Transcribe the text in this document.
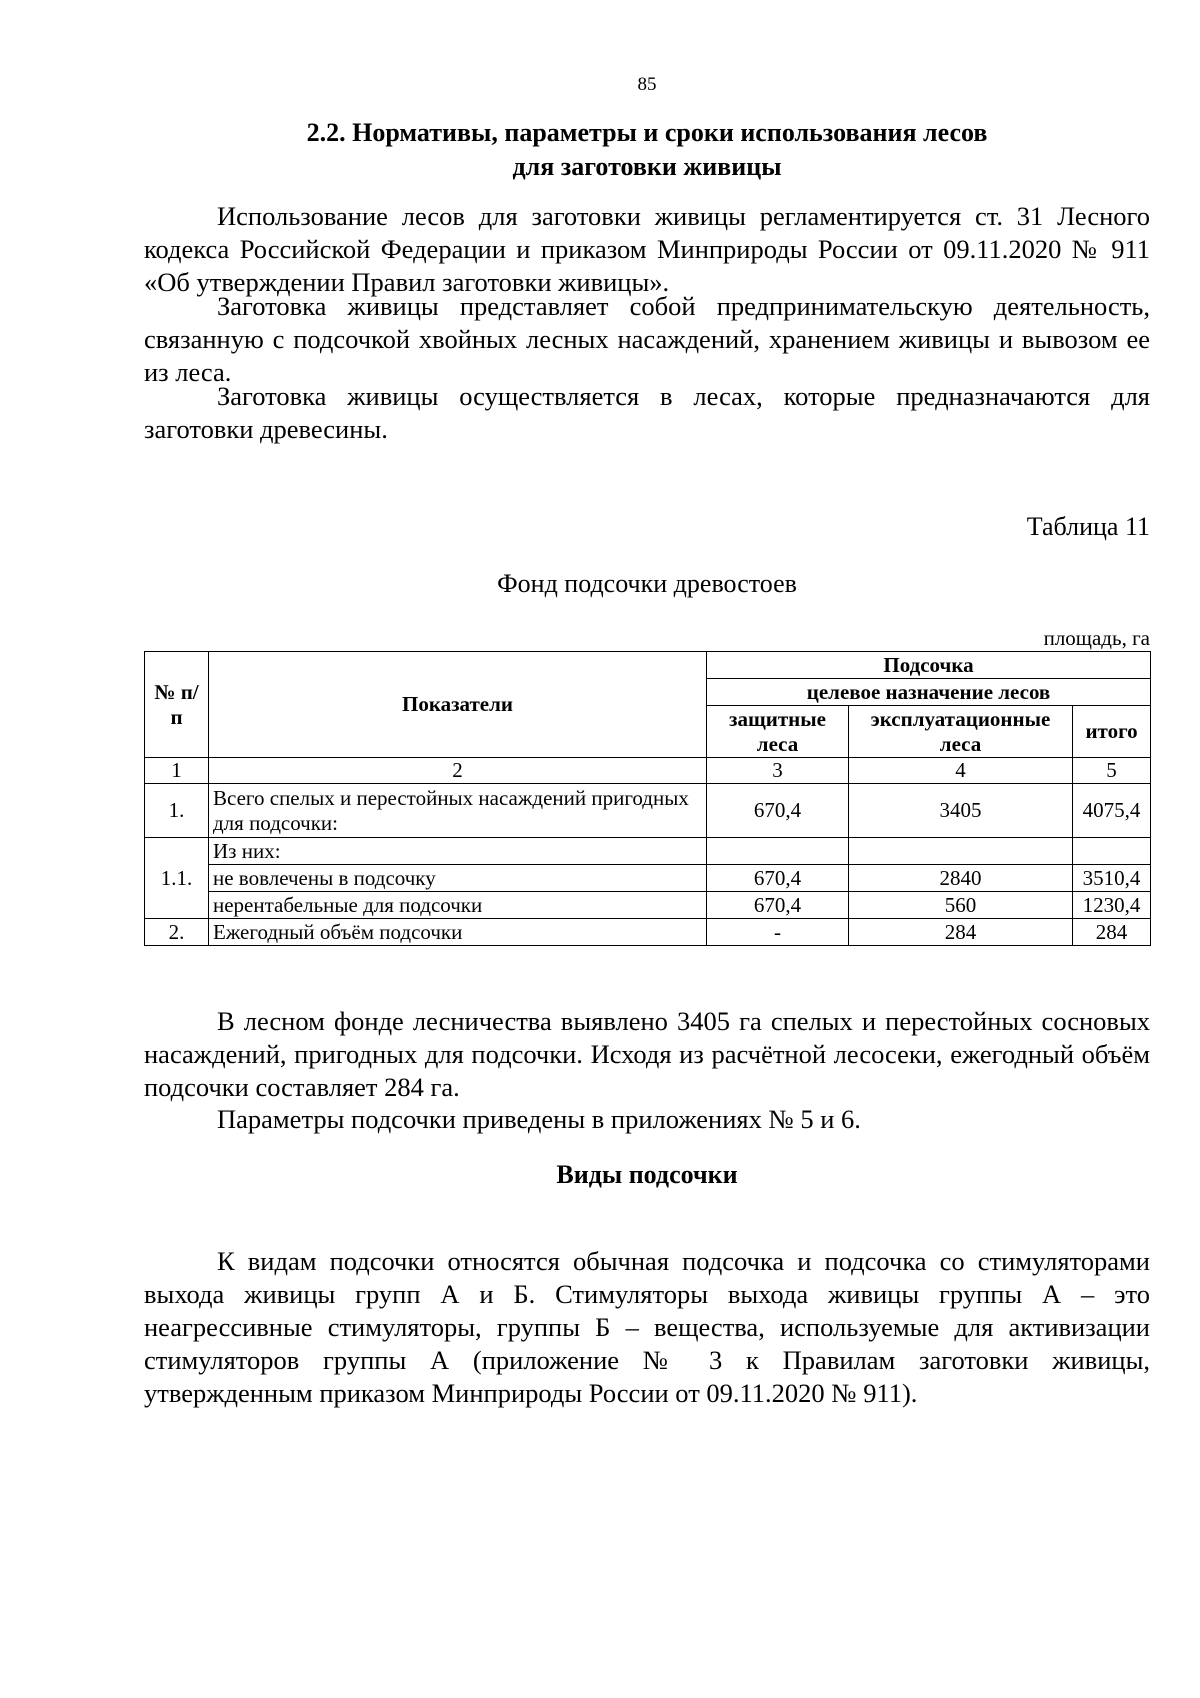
85
2.2. Нормативы, параметры и сроки использования лесов
для заготовки живицы

Использование лесов для заготовки живицы регламентируется ст. 31 Лесного кодекса Российской Федерации и приказом Минприроды России от 09.11.2020 № 911 «Об утверждении Правил заготовки живицы».

Заготовка живицы представляет собой предпринимательскую деятельность, связанную с подсочкой хвойных лесных насаждений, хранением живицы и вывозом ее из леса.

Заготовка живицы осуществляется в лесах, которые предназначаются для заготовки древесины.

Таблица 11
Фонд подсочки древостоев
площадь, га
№ п/п	Показатели	Подсочка		
		целевое назначение лесов		
		защитные леса	эксплуатационные леса	итого
1	2	3	4	5
1.	Всего спелых и перестойных насаждений пригодных для подсочки:	670,4	3405	4075,4
1.1.	Из них:			
	не вовлечены в подсочку	670,4	2840	3510,4
	нерентабельные для подсочки	670,4	560	1230,4
2.	Ежегодный объём подсочки	-	284	284

В лесном фонде лесничества выявлено 3405 га спелых и перестойных сосновых насаждений, пригодных для подсочки. Исходя из расчётной лесосеки, ежегодный объём подсочки составляет 284 га.

Параметры подсочки приведены в приложениях № 5 и 6.

Виды подсочки

К видам подсочки относятся обычная подсочка и подсочка со стимуляторами выхода живицы групп А и Б. Стимуляторы выхода живицы группы А – это неагрессивные стимуляторы, группы Б – вещества, используемые для активизации стимуляторов группы А (приложение № 3 к Правилам заготовки живицы, утвержденным приказом Минприроды России от 09.11.2020 № 911).
